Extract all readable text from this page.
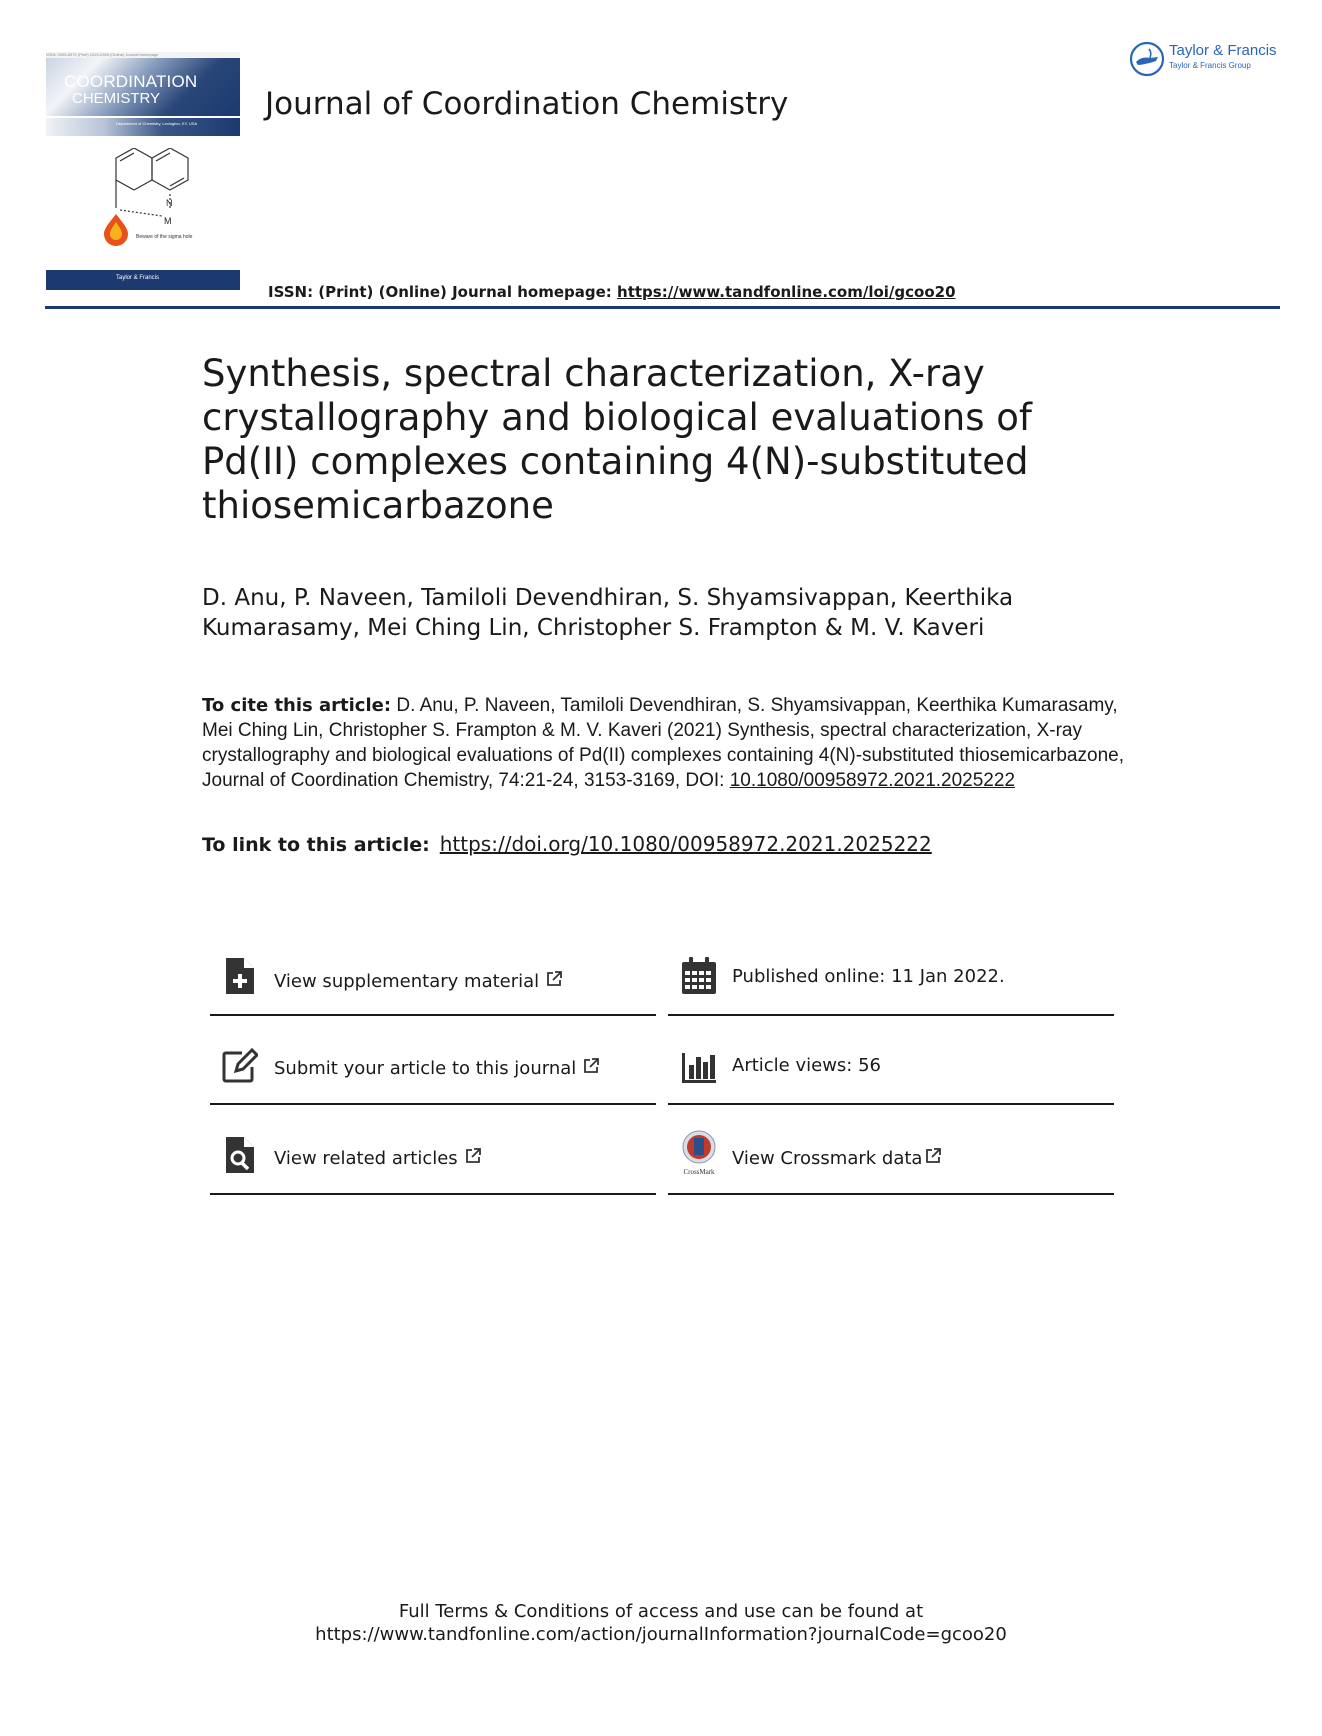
ISSN: 0095-8972 (Print) 1029-0389 (Online) Journal homepage
COORDINATION
CHEMISTRY
Department of Chemistry, Lexington, KY, USA
N
M
Beware of the sigma hole
Taylor & Francis
Journal of Coordination Chemistry
Taylor & Francis
Taylor & Francis Group
ISSN: (Print) (Online) Journal homepage: https://www.tandfonline.com/loi/gcoo20
Synthesis, spectral characterization, X-ray crystallography and biological evaluations of Pd(II) complexes containing 4(N)-substituted thiosemicarbazone
D. Anu, P. Naveen, Tamiloli Devendhiran, S. Shyamsivappan, Keerthika Kumarasamy, Mei Ching Lin, Christopher S. Frampton & M. V. Kaveri
To cite this article: D. Anu, P. Naveen, Tamiloli Devendhiran, S. Shyamsivappan, Keerthika Kumarasamy, Mei Ching Lin, Christopher S. Frampton & M. V. Kaveri (2021) Synthesis, spectral characterization, X-ray crystallography and biological evaluations of Pd(II) complexes containing 4(N)-substituted thiosemicarbazone, Journal of Coordination Chemistry, 74:21-24, 3153-3169, DOI: 10.1080/00958972.2021.2025222
To link to this article: https://doi.org/10.1080/00958972.2021.2025222
View supplementary material	Published online: 11 Jan 2022.
Submit your article to this journal	Article views: 56
View related articles
CrossMark
View Crossmark data
Full Terms & Conditions of access and use can be found at
https://www.tandfonline.com/action/journalInformation?journalCode=gcoo20
